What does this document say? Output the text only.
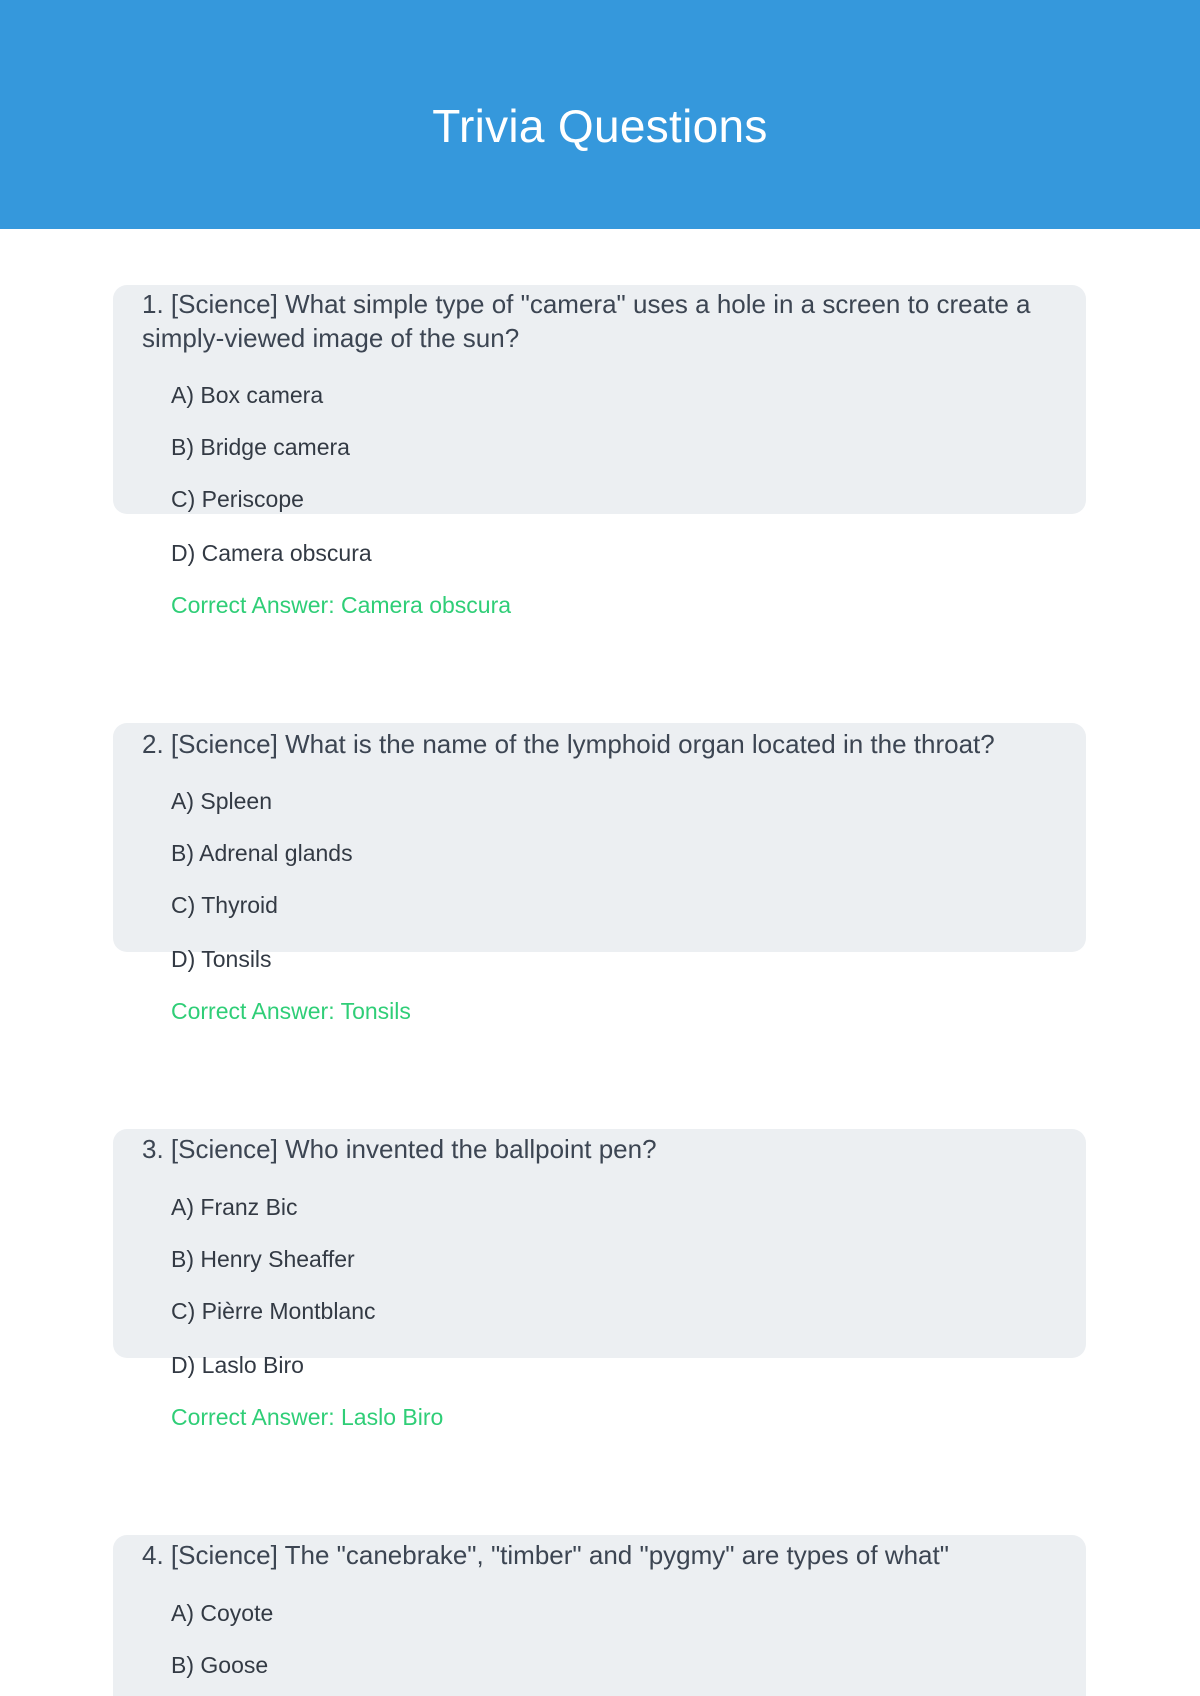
Trivia Questions

1. [Science] What simple type of "camera" uses a hole in a screen to create a simply-viewed image of the sun?

A) Box camera
B) Bridge camera
C) Periscope
D) Camera obscura
Correct Answer: Camera obscura

2. [Science] What is the name of the lymphoid organ located in the throat?

A) Spleen
B) Adrenal glands
C) Thyroid
D) Tonsils
Correct Answer: Tonsils

3. [Science] Who invented the ballpoint pen?

A) Franz Bic
B) Henry Sheaffer
C) Pièrre Montblanc
D) Laslo Biro
Correct Answer: Laslo Biro

4. [Science] The "canebrake", "timber" and "pygmy" are types of what"

A) Coyote
B) Goose
